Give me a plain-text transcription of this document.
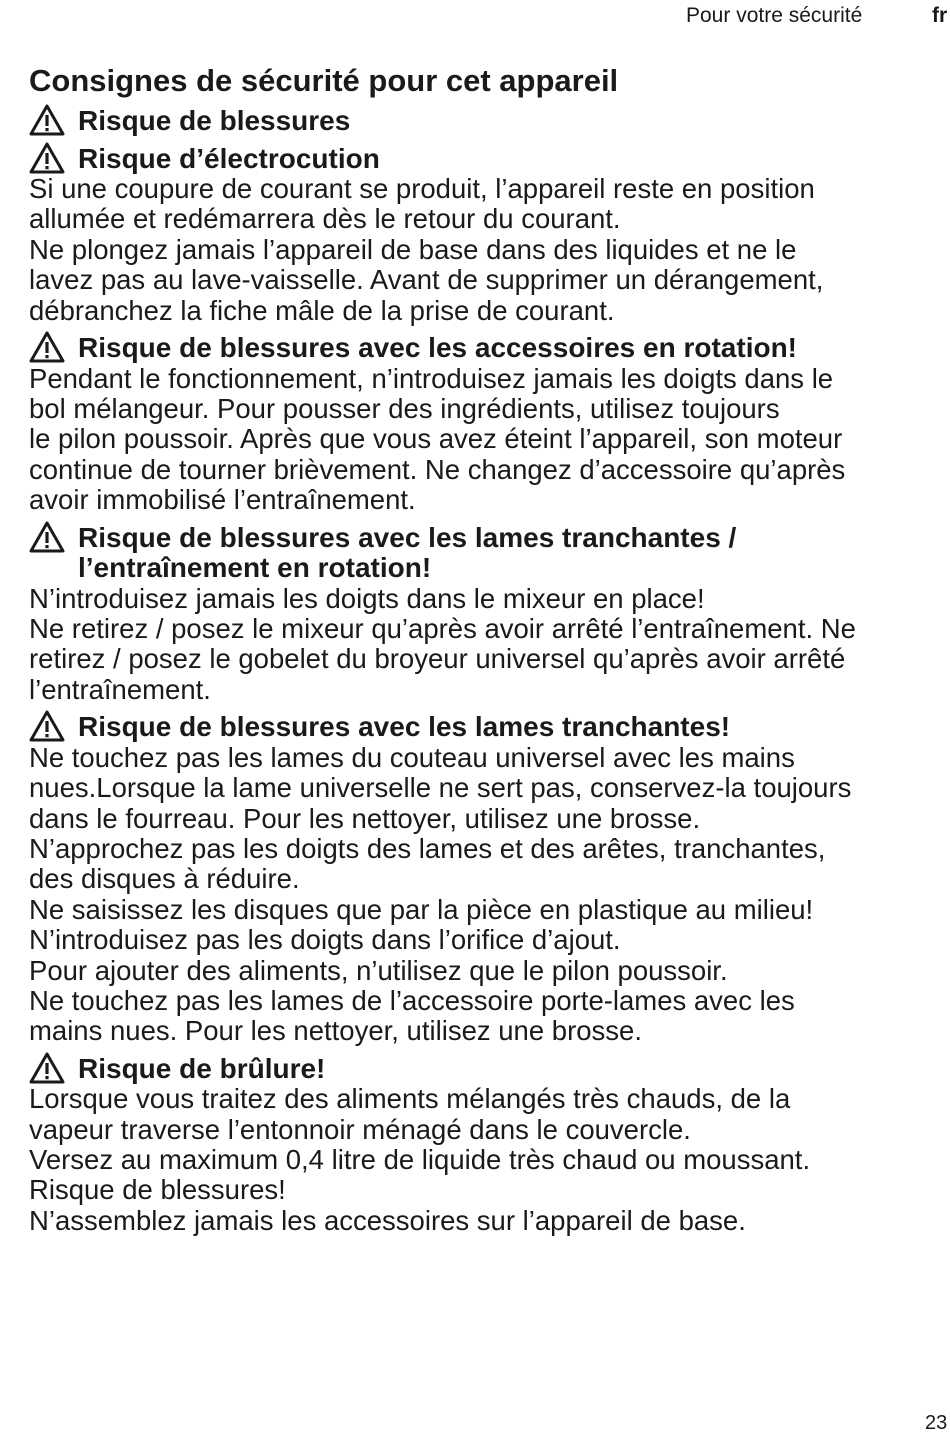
Pour votre sécurité	fr
Consignes de sécurité pour cet appareil
Risque de blessures
Risque d’électrocution

Si une coupure de courant se produit, l’appareil reste en position
allumée et redémarrera dès le retour du courant.
Ne plongez jamais l’appareil de base dans des liquides et ne le
lavez pas au lave-vaisselle. Avant de supprimer un dérangement,
débranchez la fiche mâle de la prise de courant.

Risque de blessures avec les accessoires en rotation!

Pendant le fonctionnement, n’introduisez jamais les doigts dans le
bol mélangeur. Pour pousser des ingrédients, utilisez toujours
le pilon poussoir. Après que vous avez éteint l’appareil, son moteur
continue de tourner brièvement. Ne changez d’accessoire qu’après
avoir immobilisé l’entraînement.

Risque de blessures avec les lames tranchantes /
l’entraînement en rotation!

N’introduisez jamais les doigts dans le mixeur en place!
Ne retirez / posez le mixeur qu’après avoir arrêté l’entraînement. Ne
retirez / posez le gobelet du broyeur universel qu’après avoir arrêté
l’entraînement.

Risque de blessures avec les lames tranchantes!

Ne touchez pas les lames du couteau universel avec les mains
nues.Lorsque la lame universelle ne sert pas, conservez-la toujours
dans le fourreau. Pour les nettoyer, utilisez une brosse.
N’approchez pas les doigts des lames et des arêtes, tranchantes,
des disques à réduire.
Ne saisissez les disques que par la pièce en plastique au milieu!
N’introduisez pas les doigts dans l’orifice d’ajout.
Pour ajouter des aliments, n’utilisez que le pilon poussoir.
Ne touchez pas les lames de l’accessoire porte-lames avec les
mains nues. Pour les nettoyer, utilisez une brosse.

Risque de brûlure!

Lorsque vous traitez des aliments mélangés très chauds, de la
vapeur traverse l’entonnoir ménagé dans le couvercle.
Versez au maximum 0,4 litre de liquide très chaud ou moussant.
Risque de blessures!
N’assemblez jamais les accessoires sur l’appareil de base.

23
